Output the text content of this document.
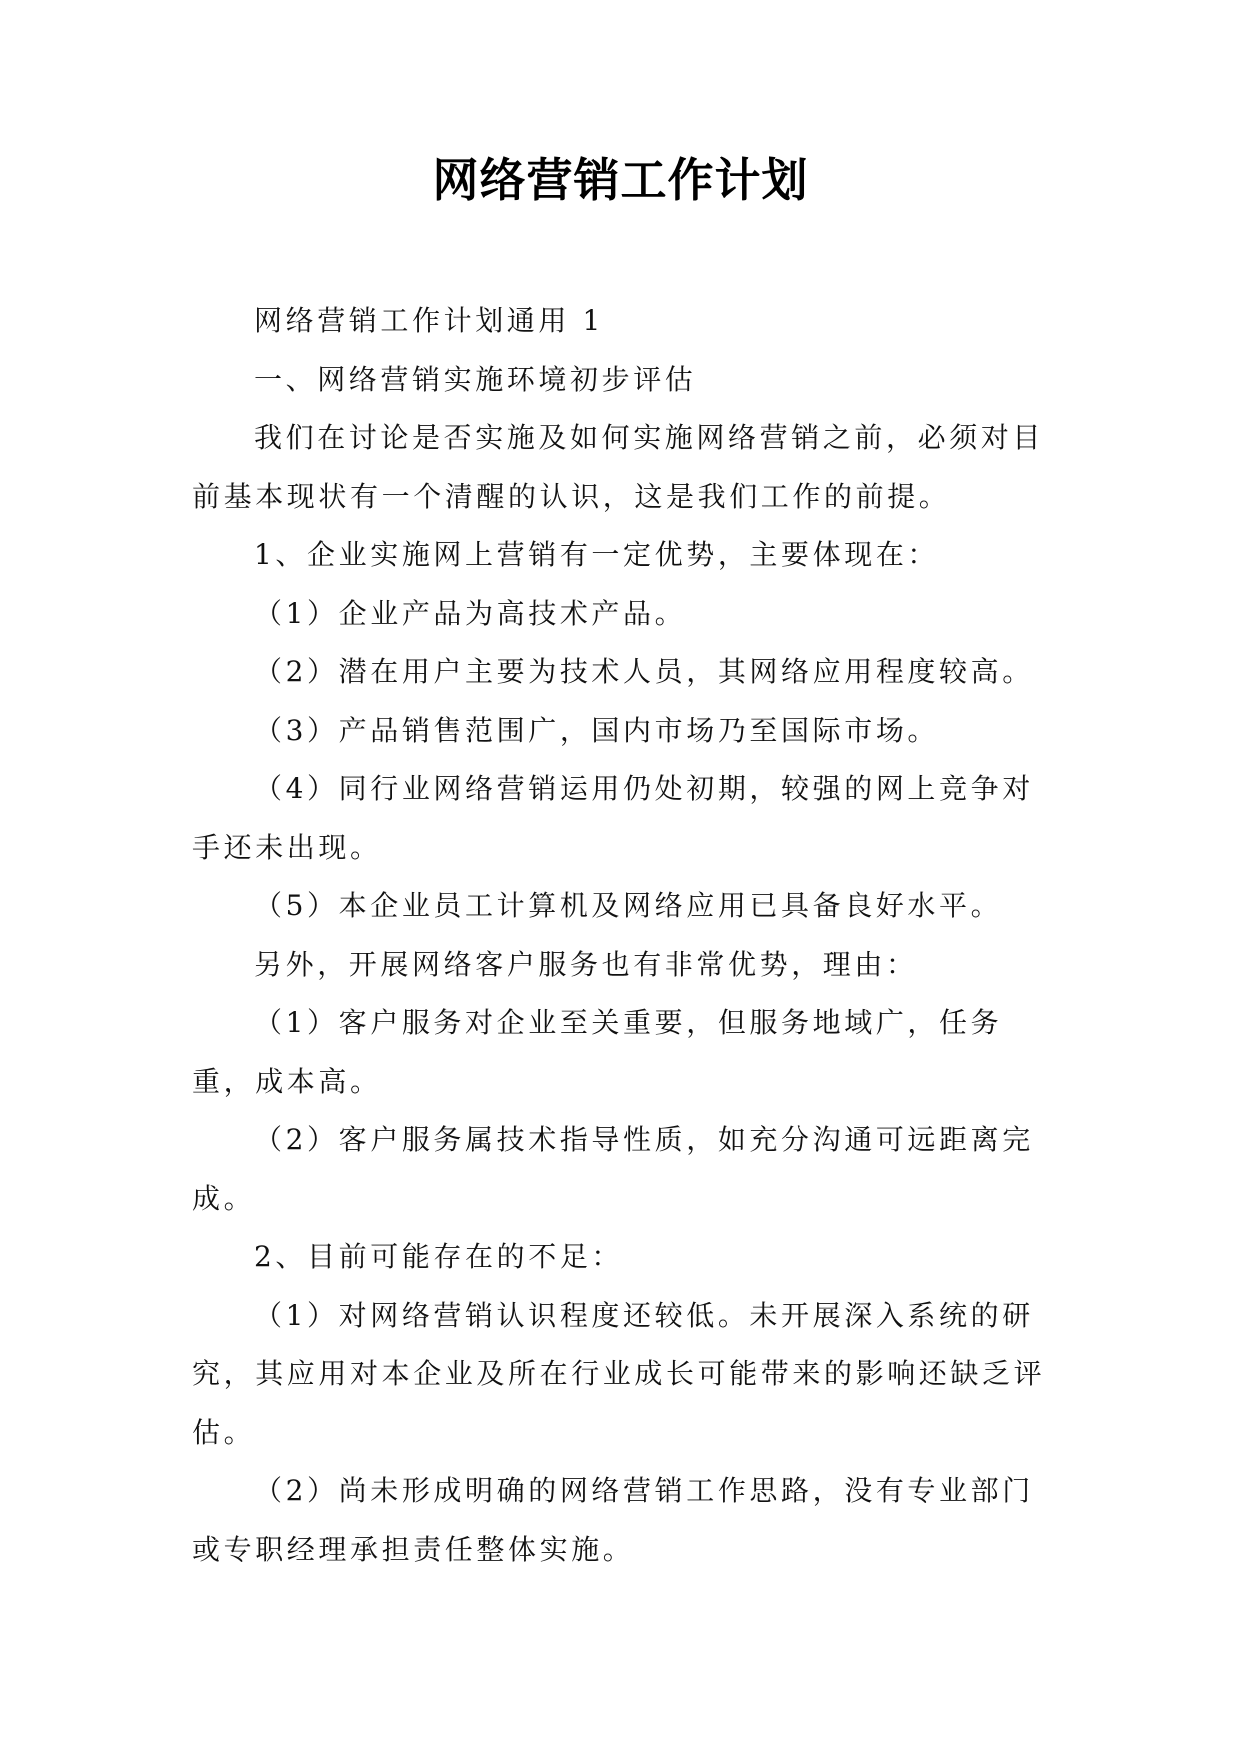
网络营销工作计划

网络营销工作计划通用 1

一、网络营销实施环境初步评估

我们在讨论是否实施及如何实施网络营销之前，必须对目前基本现状有一个清醒的认识，这是我们工作的前提。

1、企业实施网上营销有一定优势，主要体现在：

（1）企业产品为高技术产品。

（2）潜在用户主要为技术人员，其网络应用程度较高。

（3）产品销售范围广，国内市场乃至国际市场。

（4）同行业网络营销运用仍处初期，较强的网上竞争对手还未出现。

（5）本企业员工计算机及网络应用已具备良好水平。

另外，开展网络客户服务也有非常优势，理由：

（1）客户服务对企业至关重要，但服务地域广，任务重，成本高。

（2）客户服务属技术指导性质，如充分沟通可远距离完成。

2、目前可能存在的不足：

（1）对网络营销认识程度还较低。未开展深入系统的研究，其应用对本企业及所在行业成长可能带来的影响还缺乏评估。

（2）尚未形成明确的网络营销工作思路，没有专业部门或专职经理承担责任整体实施。
